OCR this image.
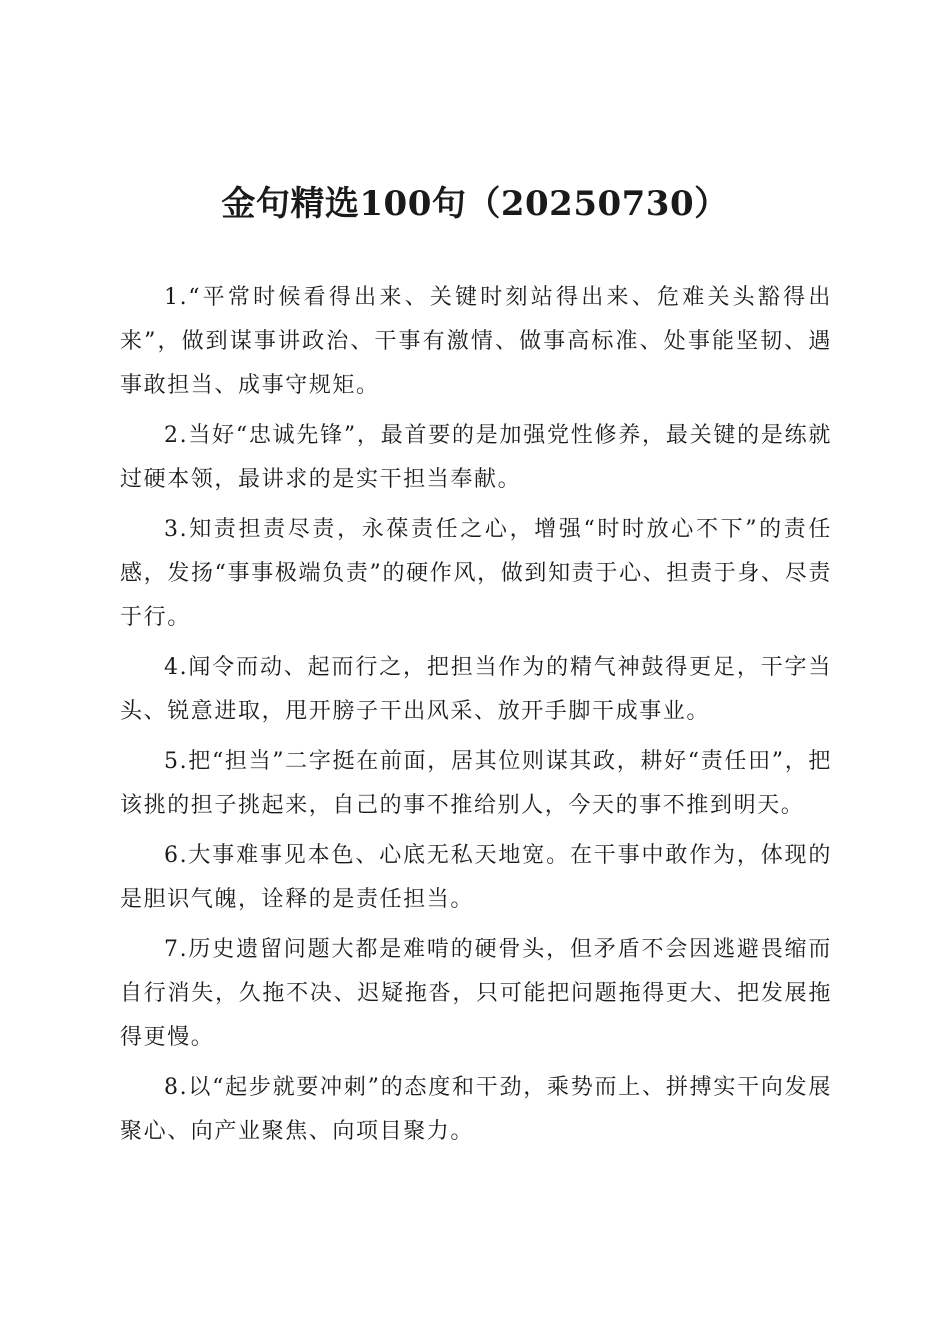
金句精选100句（20250730）

1.“平常时候看得出来、关键时刻站得出来、危难关头豁得出来”，做到谋事讲政治、干事有激情、做事高标准、处事能坚韧、遇事敢担当、成事守规矩。

2.当好“忠诚先锋”，最首要的是加强党性修养，最关键的是练就过硬本领，最讲求的是实干担当奉献。

3.知责担责尽责，永葆责任之心，增强“时时放心不下”的责任感，发扬“事事极端负责”的硬作风，做到知责于心、担责于身、尽责于行。

4.闻令而动、起而行之，把担当作为的精气神鼓得更足，干字当头、锐意进取，甩开膀子干出风采、放开手脚干成事业。

5.把“担当”二字挺在前面，居其位则谋其政，耕好“责任田”，把该挑的担子挑起来，自己的事不推给别人，今天的事不推到明天。

6.大事难事见本色、心底无私天地宽。在干事中敢作为，体现的是胆识气魄，诠释的是责任担当。

7.历史遗留问题大都是难啃的硬骨头，但矛盾不会因逃避畏缩而自行消失，久拖不决、迟疑拖沓，只可能把问题拖得更大、把发展拖得更慢。

8.以“起步就要冲刺”的态度和干劲，乘势而上、拼搏实干向发展聚心、向产业聚焦、向项目聚力。
